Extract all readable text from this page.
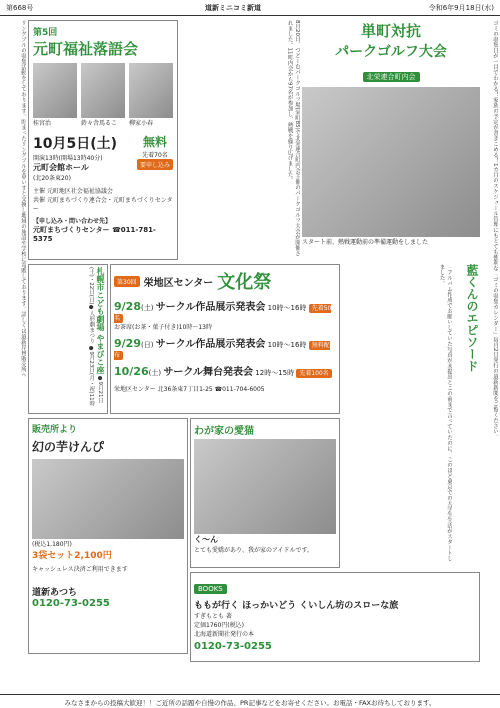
第668号	道新ミニコミ新道	令和6年9月18日(水)
リングプルの収集活動をしております。貯まったリングプルを車いすと交換し地域の施設や学校に寄贈しております。詳しくは道新岸林販売所へ 第5回
元町福祉落語会
桂宮治	鈴々舎馬るこ	柳家小春
10月5日(土)
開演13時(開場13時40分)
元町会館ホール
(北20条東20)
無料
先着70名
要申し込み
主催 元町地区社会福祉協議会
共催 元町まちづくり連合会・元町まちづくりセンター
【申し込み・問い合わせ先】
元町まちづくりセンター ☎011-781-5375	8月20日、つどーむパークゴルフ場(栄町85)で北栄連合町内会主催のパークゴルフ大会が開催されました。11町内会から97名が参加し、熱戦を繰り広げました。	単町対抗
パークゴルフ大会
北栄連合町内会
スタート前、熱戦運動前の準備運動をしました	ゴミの収集日が一目でわかる！家族の予定が書きこめる！1カ月のスケジュール管理にもとても便利な「ゴミの収集カレンダー」毎月2日発行の道新新聞をご覧ください。
札幌市こども劇場 やまびこ座 ●9月21日(土)・22日(日)●人形劇まつり ●9月23日(月・祝)11時	第30回 栄地区センター 文化祭
9/28(土) サークル作品展示発表会 10時〜16時 先着50名
お茶席(お茶・菓子付き)10時〜13時
9/29(日) サークル作品展示発表会 10時〜16時 無料配布
10/26(土) サークル舞台発表会 12時〜15時 先着100名
栄地区センター 北36条東7丁目1-25 ☎011-704-6005
藍くんのエピソード
「アルバム作成でお願いしていた写真が未提出とこの前まで言っていたのに、このほど東京での大学生生活がスタートしました。
わが家の愛猫
く〜ん
とても愛嬌があり、我が家のアイドルです。
販売所より
幻の芋けんぴ
(税込1,180円)
3袋セット2,100円
キャッシュレス決済ご利用できます
道新あつち
0120-73-0255
BOOKS
ももが行く ほっかいどう くいしん坊のスローな旅
すぎもとも 著
定価1760円(税込)
北海道新聞社発行の本
0120-73-0255
みなさまからの投稿大歓迎！！ご近所の話題や自慢の作品、PR記事などをお寄せください。お電話・FAXお待ちしております。
